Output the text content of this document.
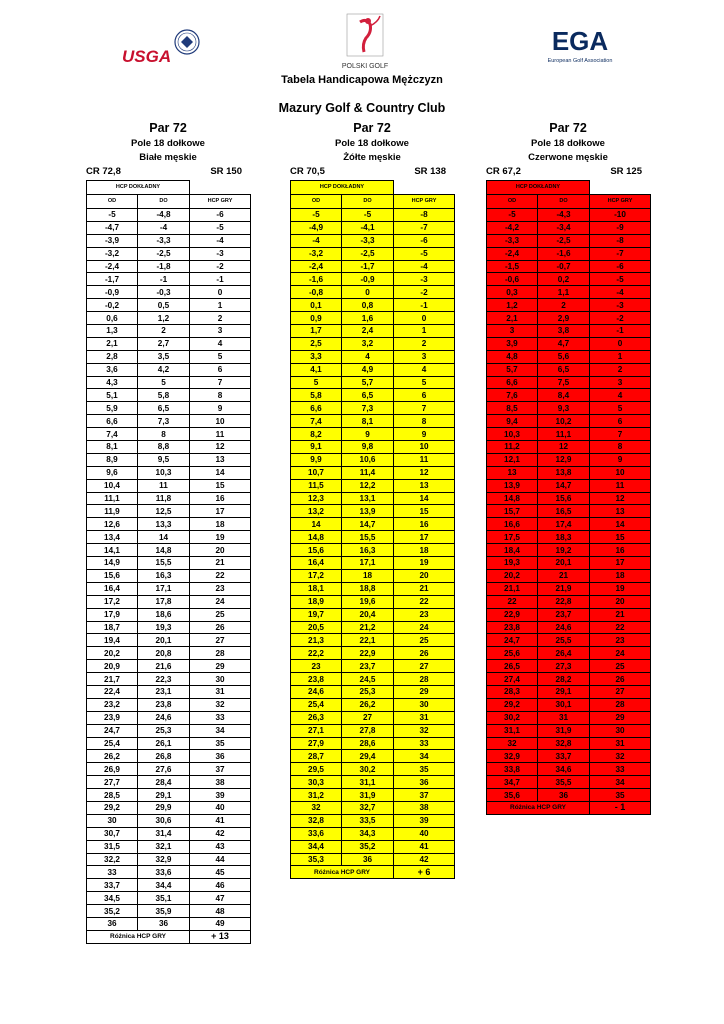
USGA
POLSKI GOLF
EGA
European Golf Association
Tabela Handicapowa Mężczyzn
Mazury Golf & Country Club
Par 72
Pole 18 dołkowe
Białe męskie
CR 72,8	SR 150
HCP DOKŁADNY		
OD	DO	HCP GRY
-5	-4,8	-6
-4,7	-4	-5
-3,9	-3,3	-4
-3,2	-2,5	-3
-2,4	-1,8	-2
-1,7	-1	-1
-0,9	-0,3	0
-0,2	0,5	1
0,6	1,2	2
1,3	2	3
2,1	2,7	4
2,8	3,5	5
3,6	4,2	6
4,3	5	7
5,1	5,8	8
5,9	6,5	9
6,6	7,3	10
7,4	8	11
8,1	8,8	12
8,9	9,5	13
9,6	10,3	14
10,4	11	15
11,1	11,8	16
11,9	12,5	17
12,6	13,3	18
13,4	14	19
14,1	14,8	20
14,9	15,5	21
15,6	16,3	22
16,4	17,1	23
17,2	17,8	24
17,9	18,6	25
18,7	19,3	26
19,4	20,1	27
20,2	20,8	28
20,9	21,6	29
21,7	22,3	30
22,4	23,1	31
23,2	23,8	32
23,9	24,6	33
24,7	25,3	34
25,4	26,1	35
26,2	26,8	36
26,9	27,6	37
27,7	28,4	38
28,5	29,1	39
29,2	29,9	40
30	30,6	41
30,7	31,4	42
31,5	32,1	43
32,2	32,9	44
33	33,6	45
33,7	34,4	46
34,5	35,1	47
35,2	35,9	48
36	36	49
Różnica HCP GRY		+ 13
Par 72
Pole 18 dołkowe
Żółte męskie
CR 70,5	SR 138
HCP DOKŁADNY		
OD	DO	HCP GRY
-5	-5	-8
-4,9	-4,1	-7
-4	-3,3	-6
-3,2	-2,5	-5
-2,4	-1,7	-4
-1,6	-0,9	-3
-0,8	0	-2
0,1	0,8	-1
0,9	1,6	0
1,7	2,4	1
2,5	3,2	2
3,3	4	3
4,1	4,9	4
5	5,7	5
5,8	6,5	6
6,6	7,3	7
7,4	8,1	8
8,2	9	9
9,1	9,8	10
9,9	10,6	11
10,7	11,4	12
11,5	12,2	13
12,3	13,1	14
13,2	13,9	15
14	14,7	16
14,8	15,5	17
15,6	16,3	18
16,4	17,1	19
17,2	18	20
18,1	18,8	21
18,9	19,6	22
19,7	20,4	23
20,5	21,2	24
21,3	22,1	25
22,2	22,9	26
23	23,7	27
23,8	24,5	28
24,6	25,3	29
25,4	26,2	30
26,3	27	31
27,1	27,8	32
27,9	28,6	33
28,7	29,4	34
29,5	30,2	35
30,3	31,1	36
31,2	31,9	37
32	32,7	38
32,8	33,5	39
33,6	34,3	40
34,4	35,2	41
35,3	36	42
Różnica HCP GRY		+ 6
Par 72
Pole 18 dołkowe
Czerwone męskie
CR 67,2	SR 125
HCP DOKŁADNY		
OD	DO	HCP GRY
-5	-4,3	-10
-4,2	-3,4	-9
-3,3	-2,5	-8
-2,4	-1,6	-7
-1,5	-0,7	-6
-0,6	0,2	-5
0,3	1,1	-4
1,2	2	-3
2,1	2,9	-2
3	3,8	-1
3,9	4,7	0
4,8	5,6	1
5,7	6,5	2
6,6	7,5	3
7,6	8,4	4
8,5	9,3	5
9,4	10,2	6
10,3	11,1	7
11,2	12	8
12,1	12,9	9
13	13,8	10
13,9	14,7	11
14,8	15,6	12
15,7	16,5	13
16,6	17,4	14
17,5	18,3	15
18,4	19,2	16
19,3	20,1	17
20,2	21	18
21,1	21,9	19
22	22,8	20
22,9	23,7	21
23,8	24,6	22
24,7	25,5	23
25,6	26,4	24
26,5	27,3	25
27,4	28,2	26
28,3	29,1	27
29,2	30,1	28
30,2	31	29
31,1	31,9	30
32	32,8	31
32,9	33,7	32
33,8	34,6	33
34,7	35,5	34
35,6	36	35
Różnica HCP GRY		- 1
